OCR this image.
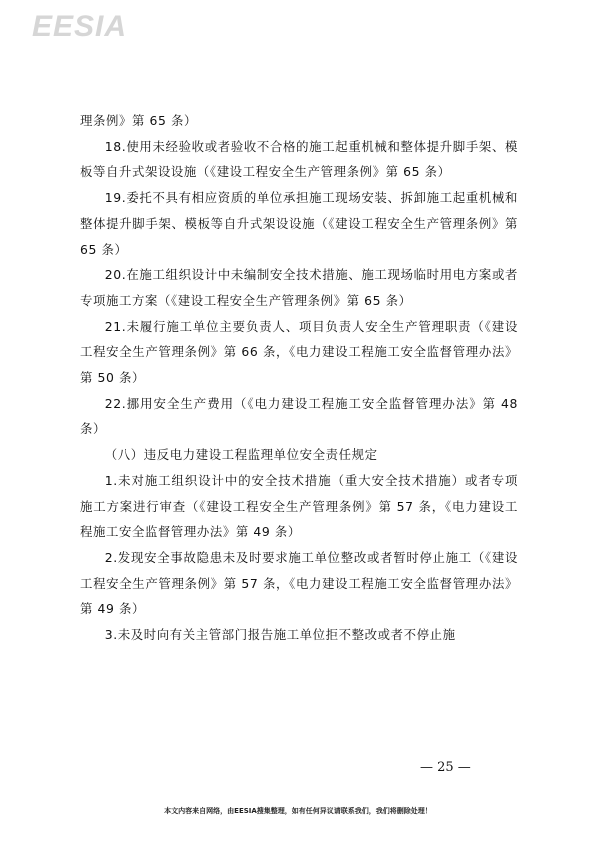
EESIA

理条例》第 65 条）

18.使用未经验收或者验收不合格的施工起重机械和整体提升脚手架、模板等自升式架设设施（《建设工程安全生产管理条例》第 65 条）

19.委托不具有相应资质的单位承担施工现场安装、拆卸施工起重机械和整体提升脚手架、模板等自升式架设设施（《建设工程安全生产管理条例》第 65 条）

20.在施工组织设计中未编制安全技术措施、施工现场临时用电方案或者专项施工方案（《建设工程安全生产管理条例》第 65 条）

21.未履行施工单位主要负责人、项目负责人安全生产管理职责（《建设工程安全生产管理条例》第 66 条，《电力建设工程施工安全监督管理办法》第 50 条）

22.挪用安全生产费用（《电力建设工程施工安全监督管理办法》第 48 条）

（八）违反电力建设工程监理单位安全责任规定

1.未对施工组织设计中的安全技术措施（重大安全技术措施）或者专项施工方案进行审查（《建设工程安全生产管理条例》第 57 条，《电力建设工程施工安全监督管理办法》第 49 条）

2.发现安全事故隐患未及时要求施工单位整改或者暂时停止施工（《建设工程安全生产管理条例》第 57 条，《电力建设工程施工安全监督管理办法》第 49 条）

3.未及时向有关主管部门报告施工单位拒不整改或者不停止施

— 25 —
本文内容来自网络，由EESIA搜集整理，如有任何异议请联系我们，我们将删除处理！
